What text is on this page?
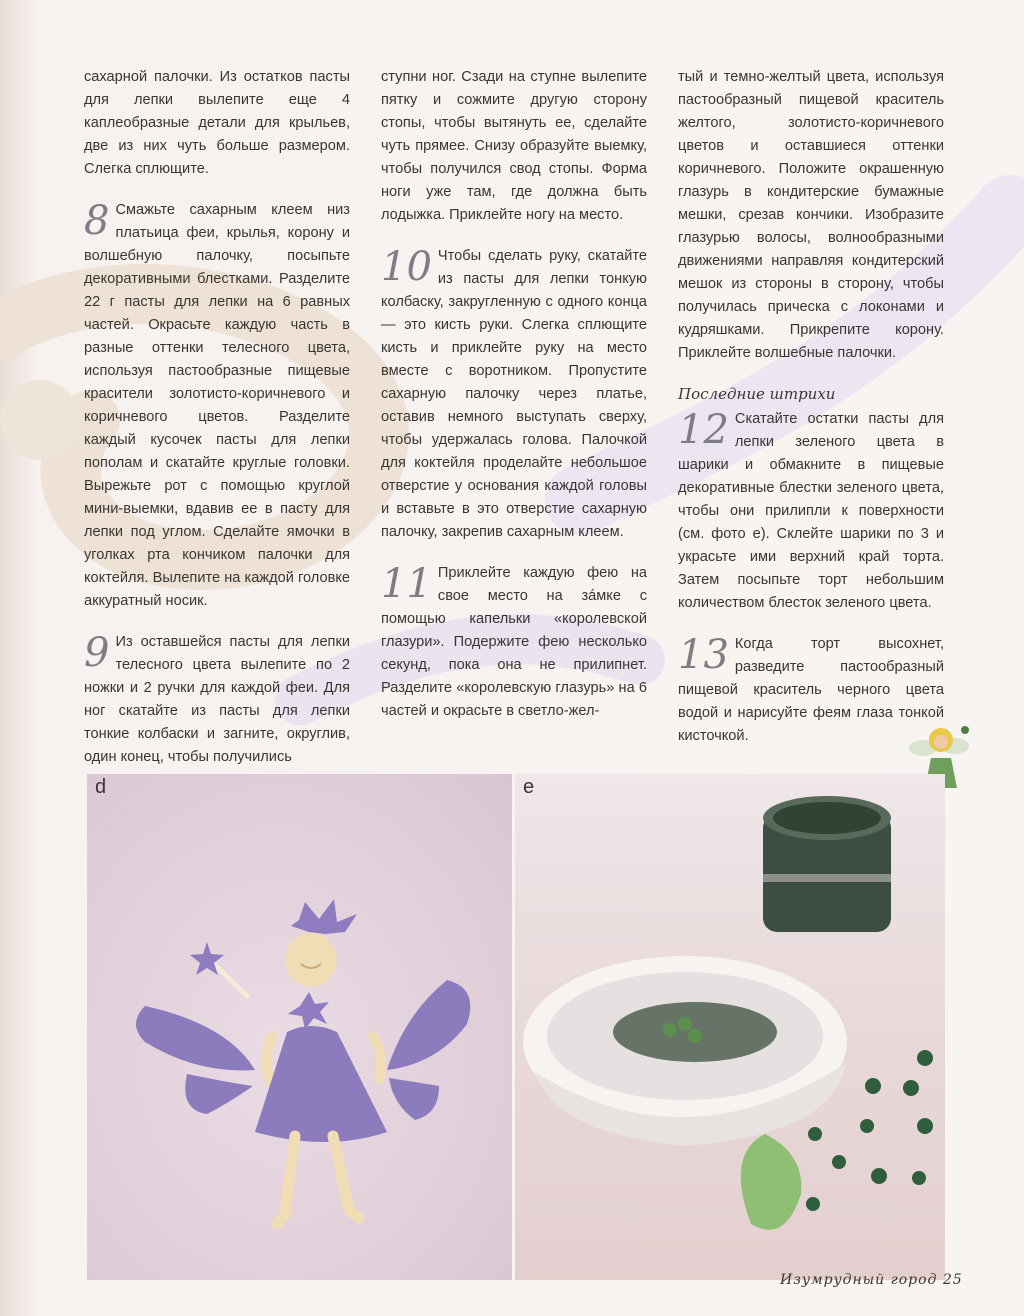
сахарной палочки. Из остатков пасты для лепки вылепите еще 4 каплеобразные детали для крыльев, две из них чуть больше размером. Слегка сплющите.

8 Смажьте сахарным клеем низ платьица феи, крылья, корону и волшебную палочку, посыпьте декоративными блестками. Разделите 22 г пасты для лепки на 6 равных частей. Окрасьте каждую часть в разные оттенки телесного цвета, используя пастообразные пищевые красители золотисто-коричневого и коричневого цветов. Разделите каждый кусочек пасты для лепки пополам и скатайте круглые головки. Вырежьте рот с помощью круглой мини-выемки, вдавив ее в пасту для лепки под углом. Сделайте ямочки в уголках рта кончиком палочки для коктейля. Вылепите на каждой головке аккуратный носик.

9 Из оставшейся пасты для лепки телесного цвета вылепите по 2 ножки и 2 ручки для каждой феи. Для ног скатайте из пасты для лепки тонкие колбаски и загните, округлив, один конец, чтобы получились

ступни ног. Сзади на ступне вылепите пятку и сожмите другую сторону стопы, чтобы вытянуть ее, сделайте чуть прямее. Снизу образуйте выемку, чтобы получился свод стопы. Форма ноги уже там, где должна быть лодыжка. Приклейте ногу на место.

10 Чтобы сделать руку, скатайте из пасты для лепки тонкую колбаску, закругленную с одного конца — это кисть руки. Слегка сплющите кисть и приклейте руку на место вместе с воротником. Пропустите сахарную палочку через платье, оставив немного выступать сверху, чтобы удержалась голова. Палочкой для коктейля проделайте небольшое отверстие у основания каждой головы и вставьте в это отверстие сахарную палочку, закрепив сахарным клеем.

11 Приклейте каждую фею на свое место на зáмке с помощью капельки «королевской глазури». Подержите фею несколько секунд, пока она не прилипнет. Разделите «королевскую глазурь» на 6 частей и окрасьте в светло-жел-

тый и темно-желтый цвета, используя пастообразный пищевой краситель желтого, золотисто-коричневого цветов и оставшиеся оттенки коричневого. Положите окрашенную глазурь в кондитерские бумажные мешки, срезав кончики. Изобразите глазурью волосы, волнообразными движениями направляя кондитерский мешок из стороны в сторону, чтобы получилась прическа с локонами и кудряшками. Прикрепите корону. Приклейте волшебные палочки.

Последние штрихи

12 Скатайте остатки пасты для лепки зеленого цвета в шарики и обмакните в пищевые декоративные блестки зеленого цвета, чтобы они прилипли к поверхности (см. фото е). Склейте шарики по 3 и украсьте ими верхний край торта. Затем посыпьте торт небольшим количеством блесток зеленого цвета.

13 Когда торт высохнет, разведите пастообразный пищевой краситель черного цвета водой и нарисуйте феям глаза тонкой кисточкой.

d	e
Изумрудный город 25
